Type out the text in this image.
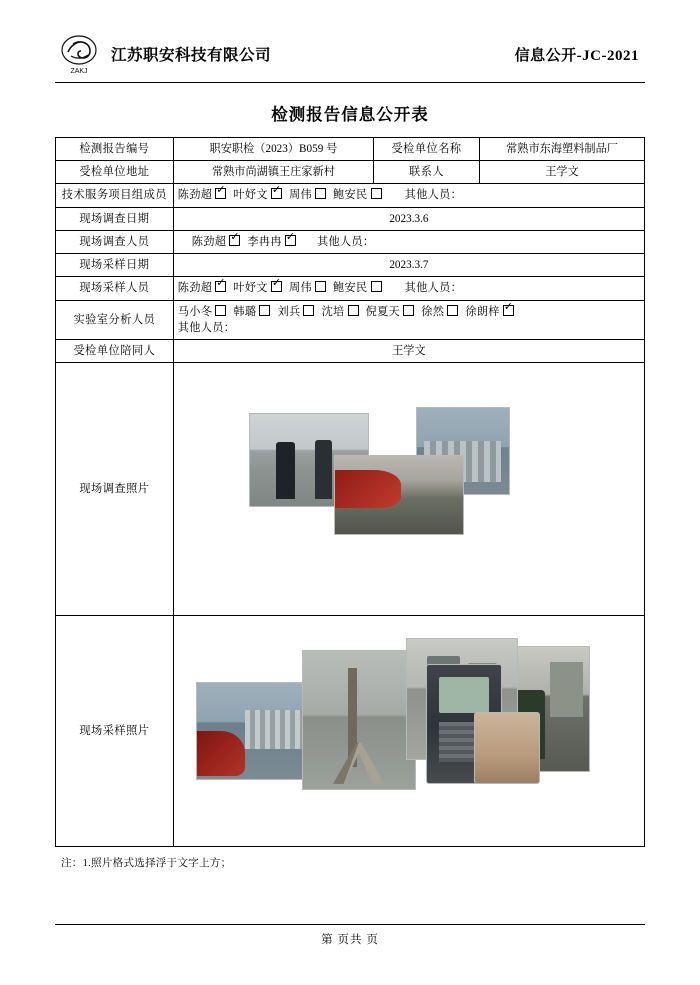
ZAKJ
江苏职安科技有限公司	信息公开-JC-2021
检测报告信息公开表
检测报告编号	职安职检（2023）B059 号	受检单位名称	常熟市东海塑料制品厂
受检单位地址	常熟市尚湖镇王庄家新村	联系人	王学文
技术服务项目组成员	陈劲超 ✓ 叶妤文 ✓ 周伟 鲍安民 其他人员：
现场调查日期	2023.3.6		
现场调查人员	陈劲超 ✓ 李冉冉 ✓ 其他人员：
现场采样日期	2023.3.7		
现场采样人员	陈劲超 ✓ 叶妤文 ✓ 周伟 鲍安民 其他人员：
实验室分析人员	马小冬 韩璐 刘兵 沈培 倪夏天 徐然 徐朗梓✓
其他人员：

受检单位陪同人	王学文		
现场调查照片			

现场采样照片			
注：1.照片格式选择浮于文字上方；
第 页共 页
